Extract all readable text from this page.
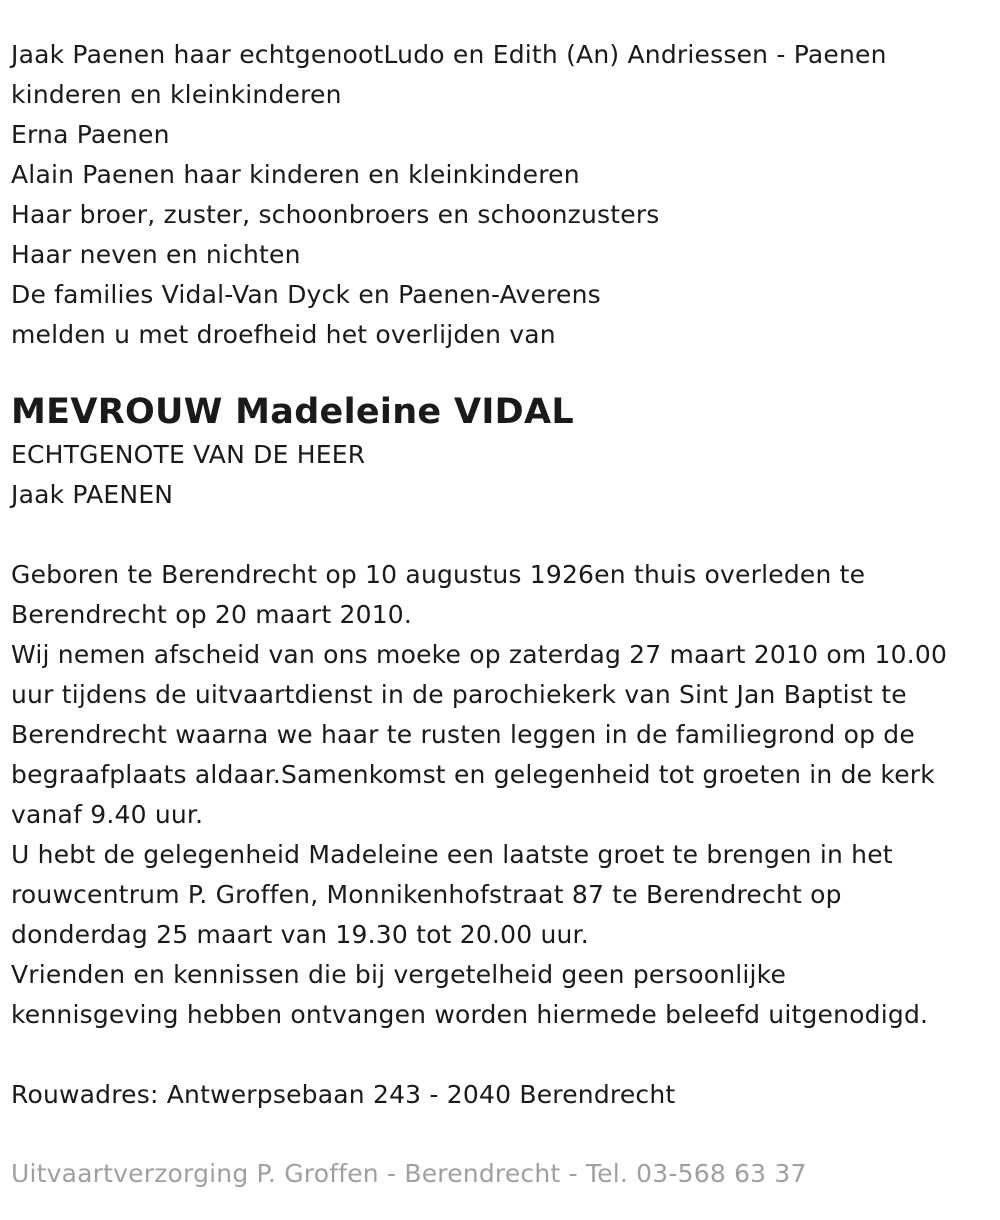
Jaak Paenen haar echtgenootLudo en Edith (An) Andriessen - Paenen
kinderen en kleinkinderen
Erna Paenen
Alain Paenen haar kinderen en kleinkinderen
Haar broer, zuster, schoonbroers en schoonzusters
Haar neven en nichten
De families Vidal-Van Dyck en Paenen-Averens
melden u met droefheid het overlijden van
MEVROUW Madeleine VIDAL
ECHTGENOTE VAN DE HEER
Jaak PAENEN
Geboren te Berendrecht op 10 augustus 1926en thuis overleden te
Berendrecht op 20 maart 2010.
Wij nemen afscheid van ons moeke op zaterdag 27 maart 2010 om 10.00
uur tijdens de uitvaartdienst in de parochiekerk van Sint Jan Baptist te
Berendrecht waarna we haar te rusten leggen in de familiegrond op de
begraafplaats aldaar.Samenkomst en gelegenheid tot groeten in de kerk
vanaf 9.40 uur.
U hebt de gelegenheid Madeleine een laatste groet te brengen in het
rouwcentrum P. Groffen, Monnikenhofstraat 87 te Berendrecht op
donderdag 25 maart van 19.30 tot 20.00 uur.
Vrienden en kennissen die bij vergetelheid geen persoonlijke
kennisgeving hebben ontvangen worden hiermede beleefd uitgenodigd.
Rouwadres: Antwerpsebaan 243 - 2040 Berendrecht
Uitvaartverzorging P. Groffen - Berendrecht - Tel. 03-568 63 37
